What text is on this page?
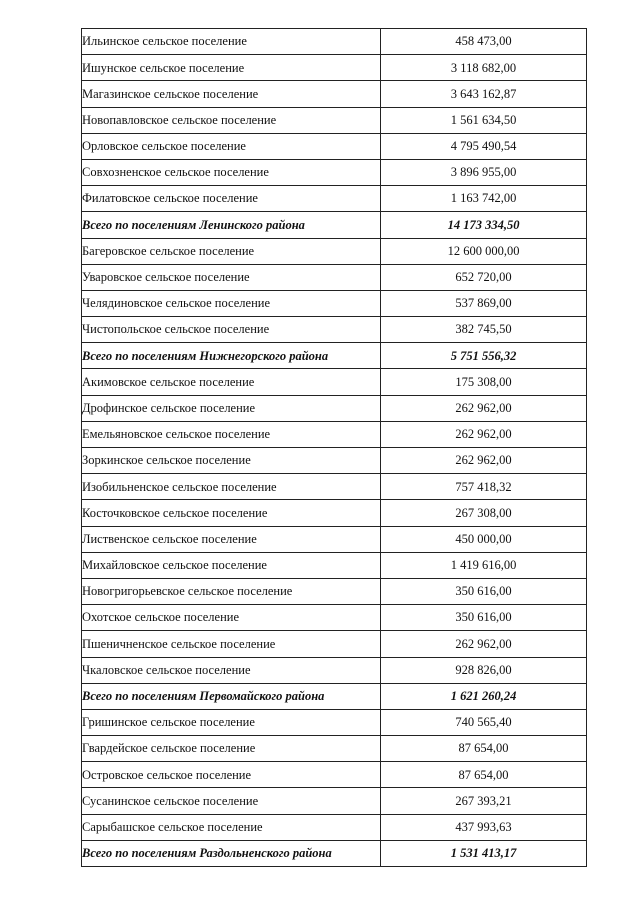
Ильинское сельское поселение	458 473,00
Ишунское сельское поселение	3 118 682,00
Магазинское сельское поселение	3 643 162,87
Новопавловское сельское поселение	1 561 634,50
Орловское сельское поселение	4 795 490,54
Совхозненское сельское поселение	3 896 955,00
Филатовское сельское поселение	1 163 742,00
Всего по поселениям Ленинского района	14 173 334,50
Багеровское сельское поселение	12 600 000,00
Уваровское сельское поселение	652 720,00
Челядиновское сельское поселение	537 869,00
Чистопольское сельское поселение	382 745,50
Всего по поселениям Нижнегорского района	5 751 556,32
Акимовское сельское поселение	175 308,00
Дрофинское сельское поселение	262 962,00
Емельяновское сельское поселение	262 962,00
Зоркинское сельское поселение	262 962,00
Изобильненское сельское поселение	757 418,32
Косточковское сельское поселение	267 308,00
Лиственское сельское поселение	450 000,00
Михайловское сельское поселение	1 419 616,00
Новогригорьевское сельское поселение	350 616,00
Охотское сельское поселение	350 616,00
Пшеничненское сельское поселение	262 962,00
Чкаловское сельское поселение	928 826,00
Всего по поселениям Первомайского района	1 621 260,24
Гришинское сельское поселение	740 565,40
Гвардейское сельское поселение	87 654,00
Островское сельское поселение	87 654,00
Сусанинское сельское поселение	267 393,21
Сарыбашское сельское поселение	437 993,63
Всего по поселениям Раздольненского района	1 531 413,17
